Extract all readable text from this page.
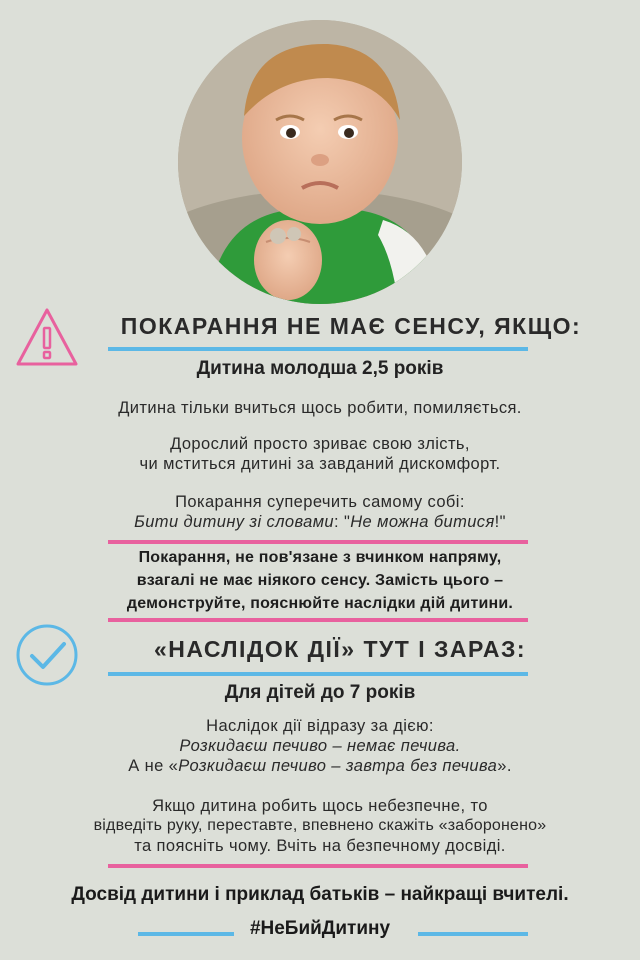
ПОКАРАННЯ НЕ МАЄ СЕНСУ, ЯКЩО:
Дитина молодша 2,5 років
Дитина тільки вчиться щось робити, помиляється.
Дорослий просто зриває свою злість,
чи мститься дитині за завданий дискомфорт.
Покарання суперечить самому собі:
Бити дитину зі словами: "Не можна битися!"
Покарання, не пов'язане з вчинком напряму,
взагалі не має ніякого сенсу. Замість цього –
демонструйте, пояснюйте наслідки дій дитини.
«НАСЛІДОК ДІЇ» ТУТ І ЗАРАЗ:
Для дітей до 7 років
Наслідок дії відразу за дією:
Розкидаєш печиво – немає печива.
А не «Розкидаєш печиво – завтра без печива».
Якщо дитина робить щось небезпечне, то
відведіть руку, переставте, впевнено скажіть «заборонено»
та поясніть чому. Вчіть на безпечному досвіді.
Досвід дитини і приклад батьків – найкращі вчителі.
#НеБийДитину
